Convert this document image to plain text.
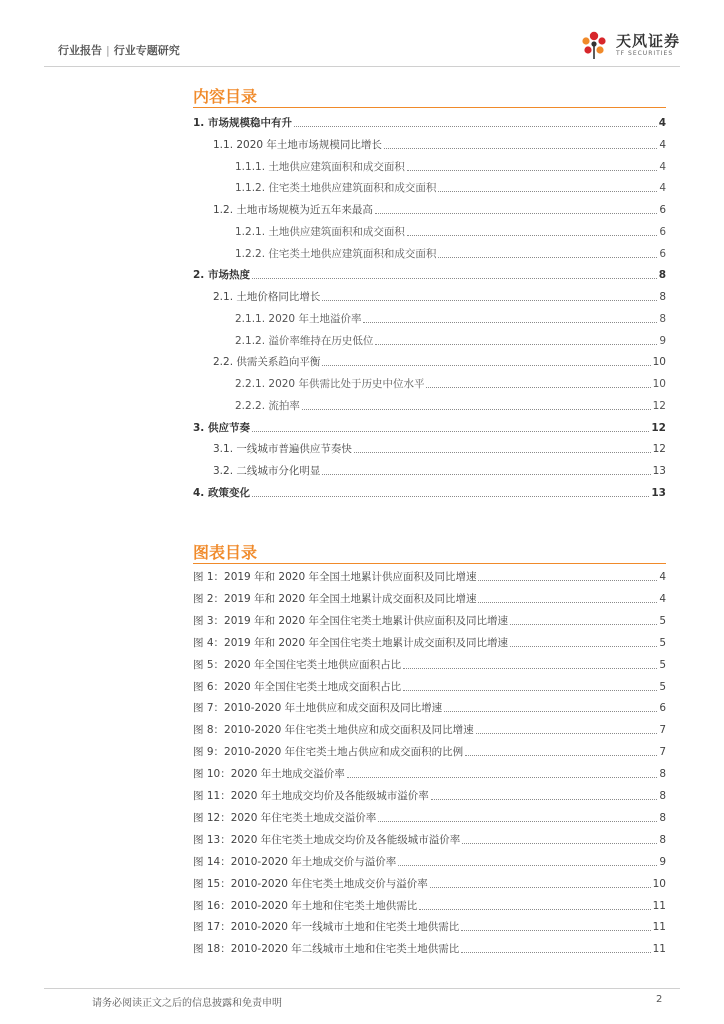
行业报告 | 行业专题研究
天风证券
TF SECURITIES
内容目录
1. 市场规模稳中有升	4
1.1. 2020 年土地市场规模同比增长	4
1.1.1. 土地供应建筑面积和成交面积	4
1.1.2. 住宅类土地供应建筑面积和成交面积	4
1.2. 土地市场规模为近五年来最高	6
1.2.1. 土地供应建筑面积和成交面积	6
1.2.2. 住宅类土地供应建筑面积和成交面积	6
2. 市场热度	8
2.1. 土地价格同比增长	8
2.1.1. 2020 年土地溢价率	8
2.1.2. 溢价率维持在历史低位	9
2.2. 供需关系趋向平衡	10
2.2.1. 2020 年供需比处于历史中位水平	10
2.2.2. 流拍率	12
3. 供应节奏	12
3.1. 一线城市普遍供应节奏快	12
3.2. 二线城市分化明显	13
4. 政策变化	13
图表目录
图 1：2019 年和 2020 年全国土地累计供应面积及同比增速	4
图 2：2019 年和 2020 年全国土地累计成交面积及同比增速	4
图 3：2019 年和 2020 年全国住宅类土地累计供应面积及同比增速	5
图 4：2019 年和 2020 年全国住宅类土地累计成交面积及同比增速	5
图 5：2020 年全国住宅类土地供应面积占比	5
图 6：2020 年全国住宅类土地成交面积占比	5
图 7：2010-2020 年土地供应和成交面积及同比增速	6
图 8：2010-2020 年住宅类土地供应和成交面积及同比增速	7
图 9：2010-2020 年住宅类土地占供应和成交面积的比例	7
图 10：2020 年土地成交溢价率	8
图 11：2020 年土地成交均价及各能级城市溢价率	8
图 12：2020 年住宅类土地成交溢价率	8
图 13：2020 年住宅类土地成交均价及各能级城市溢价率	8
图 14：2010-2020 年土地成交价与溢价率	9
图 15：2010-2020 年住宅类土地成交价与溢价率	10
图 16：2010-2020 年土地和住宅类土地供需比	11
图 17：2010-2020 年一线城市土地和住宅类土地供需比	11
图 18：2010-2020 年二线城市土地和住宅类土地供需比	11
请务必阅读正文之后的信息披露和免责申明	2
